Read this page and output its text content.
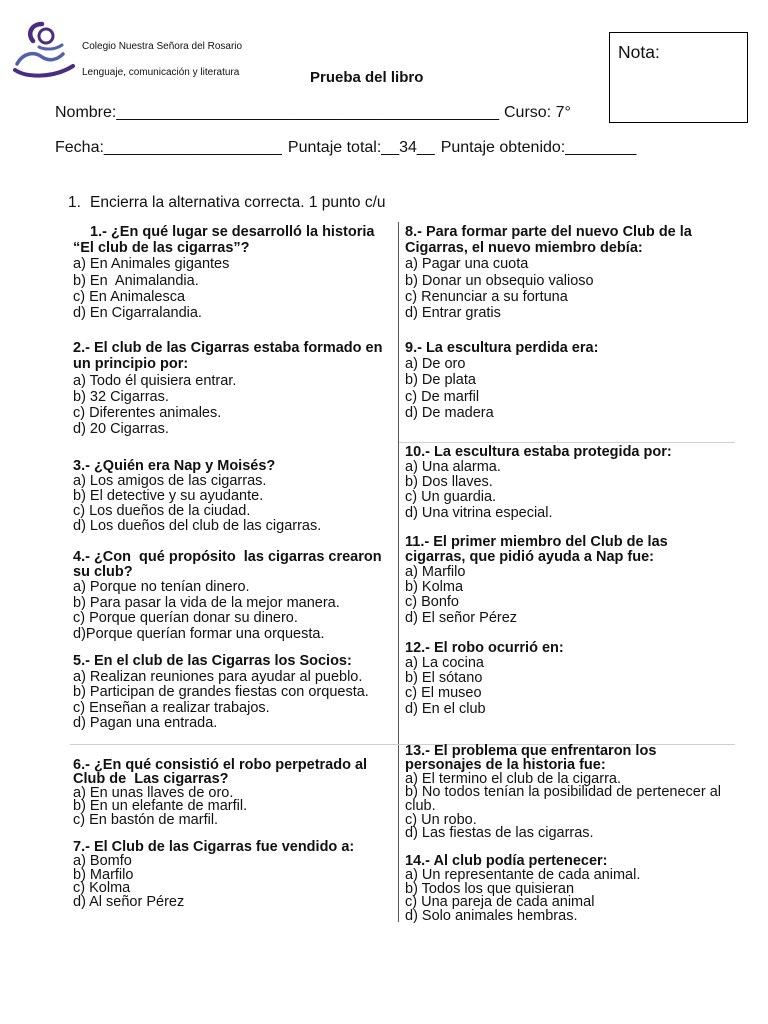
Colegio Nuestra Señora del Rosario
Lenguaje, comunicación y literatura	Prueba del libro
Nota:
Nombre:___________________________________________ Curso: 7°
Fecha:____________________ Puntaje total:__34__ Puntaje obtenido:________
1. Encierra la alternativa correcta. 1 punto c/u
1.- ¿En qué lugar se desarrolló la historia
“El club de las cigarras”?
a) En Animales gigantes
b) En  Animalandia.
c) En Animalesca
d) En Cigarralandia.
2.- El club de las Cigarras estaba formado en
un principio por:
a) Todo él quisiera entrar.
b) 32 Cigarras.
c) Diferentes animales.
d) 20 Cigarras.
3.- ¿Quién era Nap y Moisés?
a) Los amigos de las cigarras.
b) El detective y su ayudante.
c) Los dueños de la ciudad.
d) Los dueños del club de las cigarras.
4.- ¿Con  qué propósito  las cigarras crearon
su club?
a) Porque no tenían dinero.
b) Para pasar la vida de la mejor manera.
c) Porque querían donar su dinero.
d)Porque querían formar una orquesta.
5.- En el club de las Cigarras los Socios:
a) Realizan reuniones para ayudar al pueblo.
b) Participan de grandes fiestas con orquesta.
c) Enseñan a realizar trabajos.
d) Pagan una entrada.
6.- ¿En qué consistió el robo perpetrado al
Club de  Las cigarras?
a) En unas llaves de oro.
b) En un elefante de marfil.
c) En bastón de marfil.
7.- El Club de las Cigarras fue vendido a:
a) Bomfo
b) Marfilo
c) Kolma
d) Al señor Pérez
8.- Para formar parte del nuevo Club de la
Cigarras, el nuevo miembro debía:
a) Pagar una cuota
b) Donar un obsequio valioso
c) Renunciar a su fortuna
d) Entrar gratis
9.- La escultura perdida era:
a) De oro
b) De plata
c) De marfil
d) De madera
10.- La escultura estaba protegida por:
a) Una alarma.
b) Dos llaves.
c) Un guardia.
d) Una vitrina especial.
11.- El primer miembro del Club de las
cigarras, que pidió ayuda a Nap fue:
a) Marfilo
b) Kolma
c) Bonfo
d) El señor Pérez
12.- El robo ocurrió en:
a) La cocina
b) El sótano
c) El museo
d) En el club
13.- El problema que enfrentaron los
personajes de la historia fue:
a) El termino el club de la cigarra.
b) No todos tenían la posibilidad de pertenecer al club.
c) Un robo.
d) Las fiestas de las cigarras.
14.- Al club podía pertenecer:
a) Un representante de cada animal.
b) Todos los que quisieran
c) Una pareja de cada animal
d) Solo animales hembras.
